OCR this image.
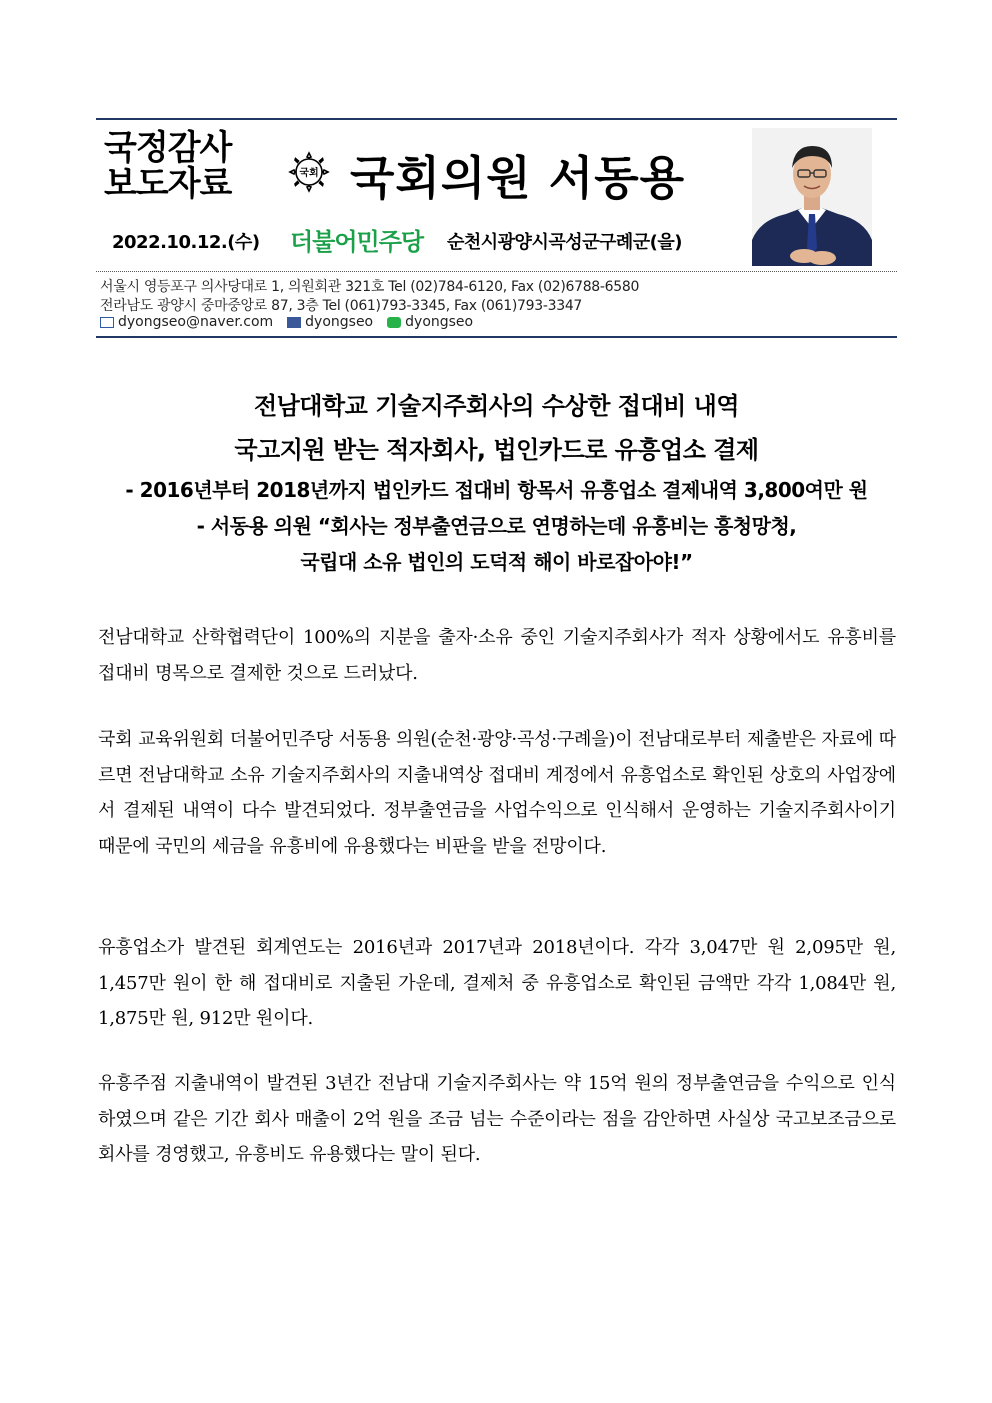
국정감사
보도자료	국회 국회의원 서동용
2022.10.12.(수) 더불어민주당 순천시광양시곡성군구례군(을)
서울시 영등포구 의사당대로 1, 의원회관 321호 Tel (02)784-6120, Fax (02)6788-6580
전라남도 광양시 중마중앙로 87, 3층 Tel (061)793-3345, Fax (061)793-3347
dyongseo@naver.com dyongseo dyongseo
전남대학교 기술지주회사의 수상한 접대비 내역
국고지원 받는 적자회사, 법인카드로 유흥업소 결제
- 2016년부터 2018년까지 법인카드 접대비 항목서 유흥업소 결제내역 3,800여만 원
- 서동용 의원 “회사는 정부출연금으로 연명하는데 유흥비는 흥청망청,
국립대 소유 법인의 도덕적 해이 바로잡아야!”
전남대학교 산학협력단이 100%의 지분을 출자·소유 중인 기술지주회사가 적자 상황에서도 유흥비를 접대비 명목으로 결제한 것으로 드러났다.
국회 교육위원회 더불어민주당 서동용 의원(순천·광양·곡성·구례을)이 전남대로부터 제출받은 자료에 따르면 전남대학교 소유 기술지주회사의 지출내역상 접대비 계정에서 유흥업소로 확인된 상호의 사업장에서 결제된 내역이 다수 발견되었다. 정부출연금을 사업수익으로 인식해서 운영하는 기술지주회사이기 때문에 국민의 세금을 유흥비에 유용했다는 비판을 받을 전망이다.
유흥업소가 발견된 회계연도는 2016년과 2017년과 2018년이다. 각각 3,047만 원 2,095만 원, 1,457만 원이 한 해 접대비로 지출된 가운데, 결제처 중 유흥업소로 확인된 금액만 각각 1,084만 원, 1,875만 원, 912만 원이다.
유흥주점 지출내역이 발견된 3년간 전남대 기술지주회사는 약 15억 원의 정부출연금을 수익으로 인식하였으며 같은 기간 회사 매출이 2억 원을 조금 넘는 수준이라는 점을 감안하면 사실상 국고보조금으로 회사를 경영했고, 유흥비도 유용했다는 말이 된다.
